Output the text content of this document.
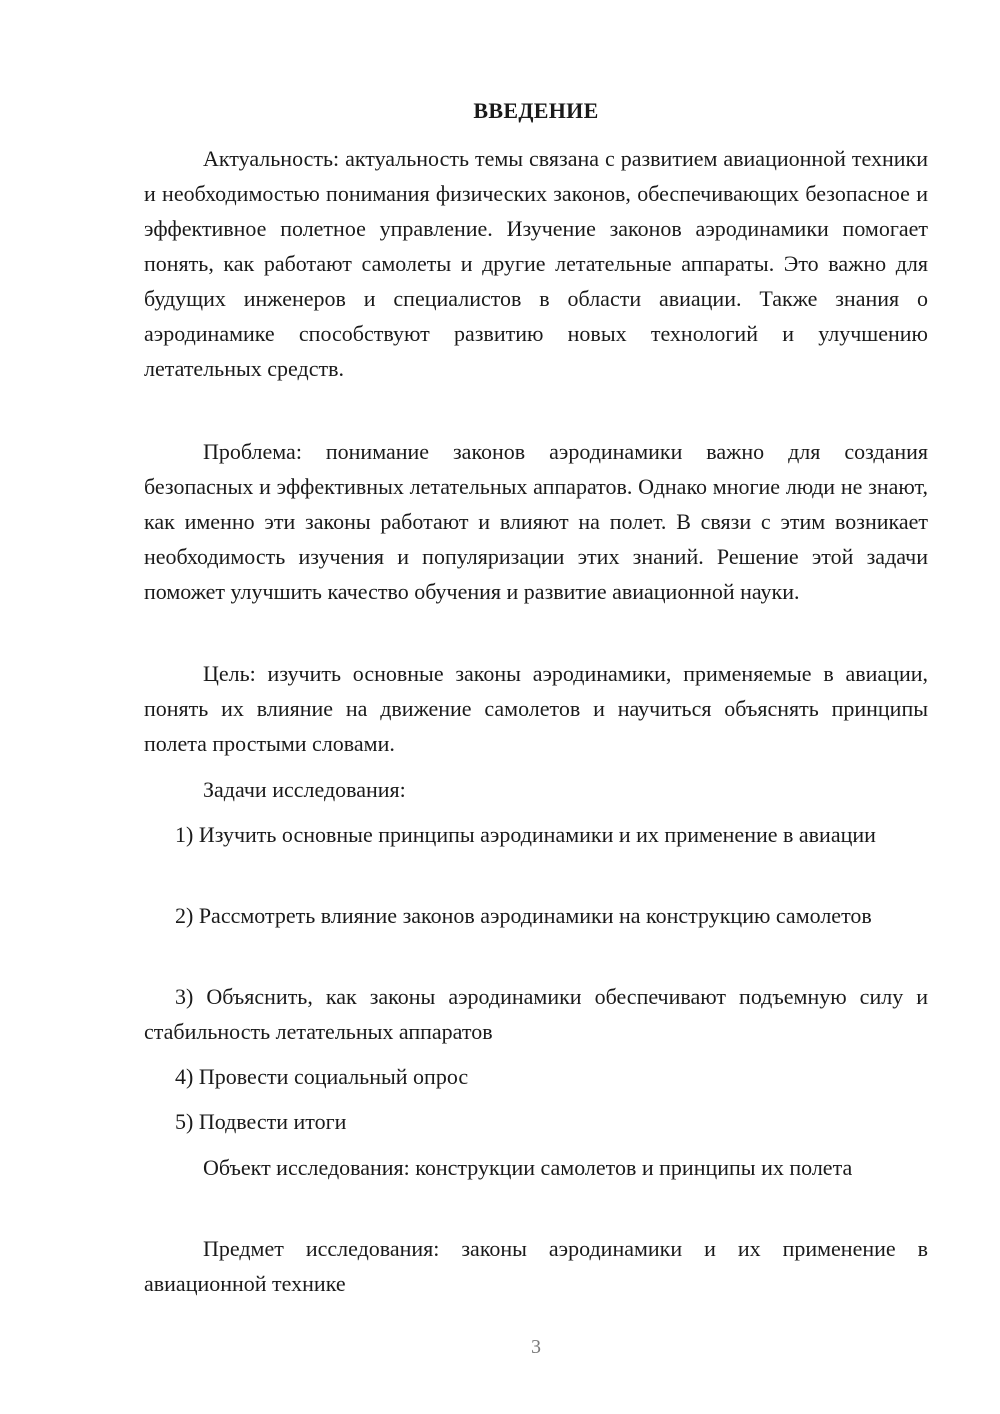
ВВЕДЕНИЕ

Актуальность: актуальность темы связана с развитием авиационной техники и необходимостью понимания физических законов, обеспечивающих безопасное и эффективное полетное управление. Изучение законов аэродинамики помогает понять, как работают самолеты и другие летательные аппараты. Это важно для будущих инженеров и специалистов в области авиации. Также знания о аэродинамике способствуют развитию новых технологий и улучшению летательных средств.

Проблема: понимание законов аэродинамики важно для создания безопасных и эффективных летательных аппаратов. Однако многие люди не знают, как именно эти законы работают и влияют на полет. В связи с этим возникает необходимость изучения и популяризации этих знаний. Решение этой задачи поможет улучшить качество обучения и развитие авиационной науки.

Цель: изучить основные законы аэродинамики, применяемые в авиации, понять их влияние на движение самолетов и научиться объяснять принципы полета простыми словами.

Задачи исследования:

1) Изучить основные принципы аэродинамики и их применение в авиации

2) Рассмотреть влияние законов аэродинамики на конструкцию самолетов

3) Объяснить, как законы аэродинамики обеспечивают подъемную силу и стабильность летательных аппаратов

4) Провести социальный опрос

5) Подвести итоги

Объект исследования: конструкции самолетов и принципы их полета

Предмет исследования: законы аэродинамики и их применение в авиационной технике

3
